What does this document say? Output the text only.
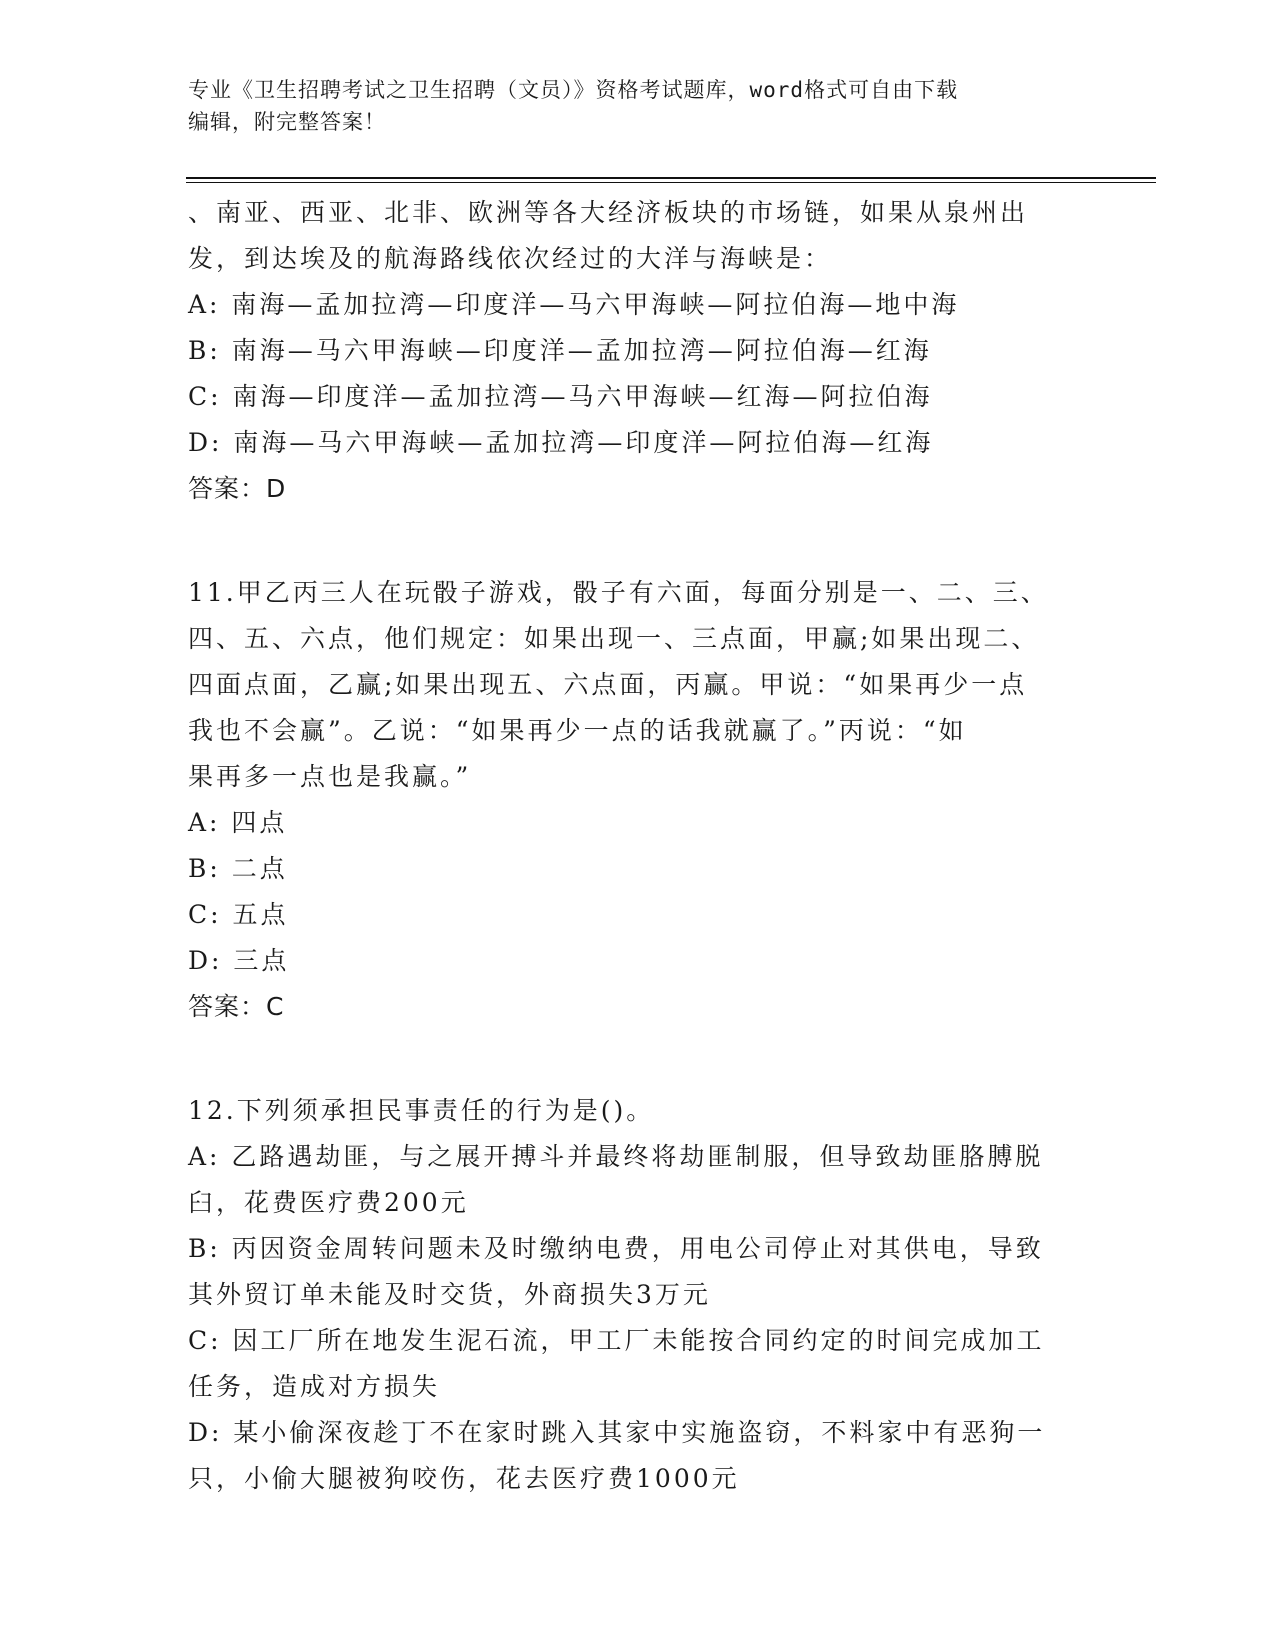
专业《卫生招聘考试之卫生招聘（文员）》资格考试题库，word格式可自由下载
编辑，附完整答案！
、南亚、西亚、北非、欧洲等各大经济板块的市场链，如果从泉州出
发，到达埃及的航海路线依次经过的大洋与海峡是：
A: 南海—孟加拉湾—印度洋—马六甲海峡—阿拉伯海—地中海
B: 南海—马六甲海峡—印度洋—孟加拉湾—阿拉伯海—红海
C: 南海—印度洋—孟加拉湾—马六甲海峡—红海—阿拉伯海
D: 南海—马六甲海峡—孟加拉湾—印度洋—阿拉伯海—红海
答案：D
11.甲乙丙三人在玩骰子游戏，骰子有六面，每面分别是一、二、三、
四、五、六点，他们规定：如果出现一、三点面，甲赢;如果出现二、
四面点面，乙赢;如果出现五、六点面，丙赢。甲说：“如果再少一点
我也不会赢”。乙说：“如果再少一点的话我就赢了。”丙说：“如
果再多一点也是我赢。”
A: 四点
B: 二点
C: 五点
D: 三点
答案：C
12.下列须承担民事责任的行为是()。
A: 乙路遇劫匪，与之展开搏斗并最终将劫匪制服，但导致劫匪胳膊脱
臼，花费医疗费200元
B: 丙因资金周转问题未及时缴纳电费，用电公司停止对其供电，导致
其外贸订单未能及时交货，外商损失3万元
C: 因工厂所在地发生泥石流，甲工厂未能按合同约定的时间完成加工
任务，造成对方损失
D: 某小偷深夜趁丁不在家时跳入其家中实施盗窃，不料家中有恶狗一
只，小偷大腿被狗咬伤，花去医疗费1000元
